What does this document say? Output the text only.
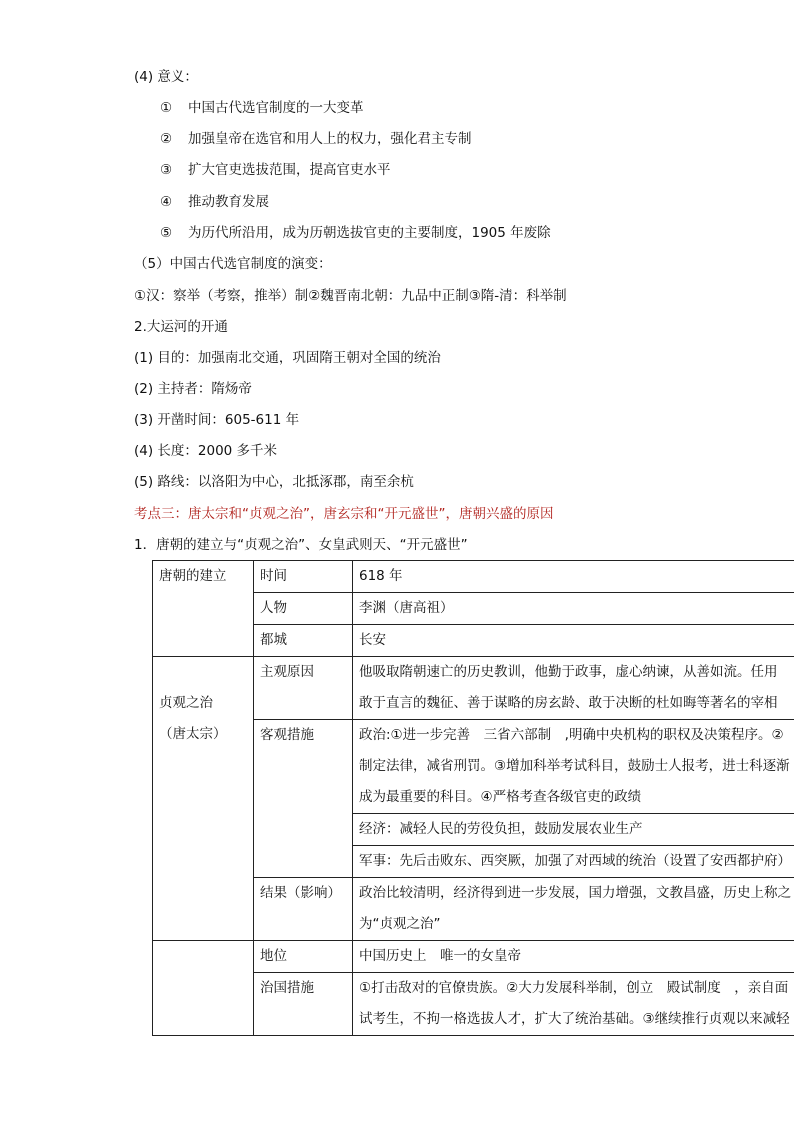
(4) 意义：
① 中国古代选官制度的一大变革
② 加强皇帝在选官和用人上的权力，强化君主专制
③ 扩大官吏选拔范围，提高官吏水平
④ 推动教育发展
⑤ 为历代所沿用，成为历朝选拔官吏的主要制度，1905 年废除
（5）中国古代选官制度的演变：
①汉：察举（考察，推举）制②魏晋南北朝：九品中正制③隋-清：科举制
2.大运河的开通
(1) 目的：加强南北交通，巩固隋王朝对全国的统治
(2) 主持者：隋炀帝
(3) 开凿时间：605-611 年
(4) 长度：2000 多千米
(5) 路线：以洛阳为中心，北抵涿郡，南至余杭
考点三：唐太宗和“贞观之治”，唐玄宗和“开元盛世”，唐朝兴盛的原因
1．唐朝的建立与“贞观之治”、女皇武则天、“开元盛世”
唐朝的建立	时间	618 年
	人物	李渊（唐高祖）
	都城	长安

贞观之治
（唐太宗）	主观原因	他吸取隋朝速亡的历史教训，他勤于政事，虚心纳谏，从善如流。任用
敢于直言的魏征、善于谋略的房玄龄、敢于决断的杜如晦等著名的宰相

	客观措施	政治:①进一步完善　三省六部制　,明确中央机构的职权及决策程序。②
制定法律，减省刑罚。③增加科举考试科目，鼓励士人报考，进士科逐渐
成为最重要的科目。④严格考查各级官吏的政绩

		经济：减轻人民的劳役负担，鼓励发展农业生产
		军事：先后击败东、西突厥，加强了对西域的统治（设置了安西都护府）
	结果（影响）	政治比较清明，经济得到进一步发展，国力增强，文教昌盛，历史上称之
为“贞观之治”

	地位	中国历史上　唯一的女皇帝
	治国措施	①打击敌对的官僚贵族。②大力发展科举制，创立　殿试制度　，亲自面
试考生，不拘一格选拔人才，扩大了统治基础。③继续推行贞观以来减轻
